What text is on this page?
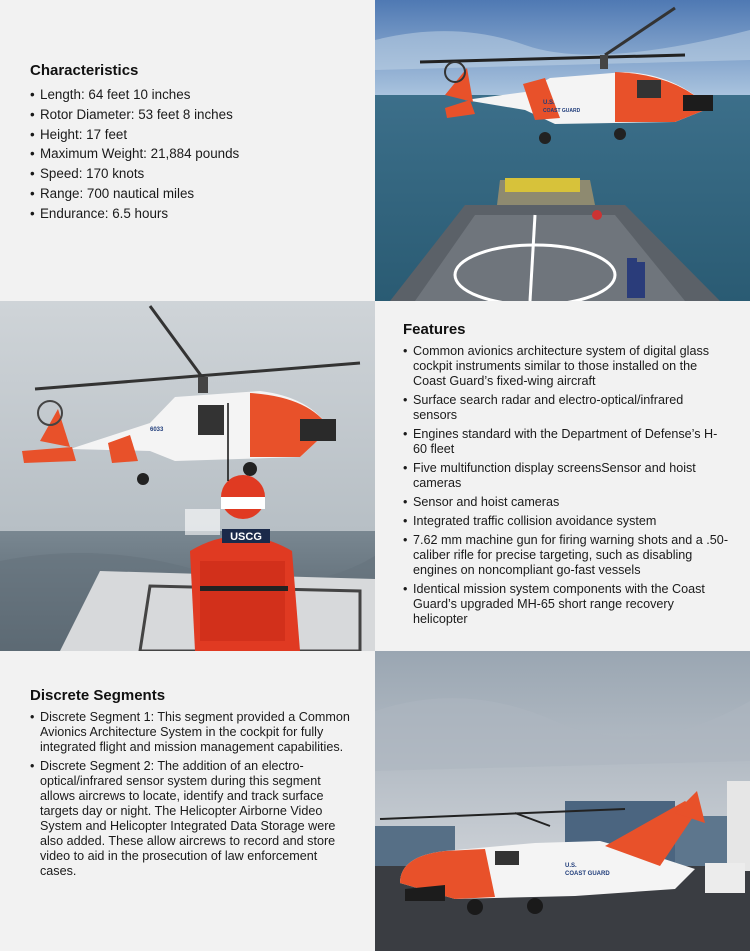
Characteristics
• Length: 64 feet 10 inches
• Rotor Diameter: 53 feet 8 inches
• Height: 17 feet
• Maximum Weight: 21,884 pounds
• Speed: 170 knots
• Range: 700 nautical miles
• Endurance: 6.5 hours
U.S.
COAST GUARD
6033
USCG
Features
• Common avionics architecture system of digital glass cockpit instruments similar to those installed on the Coast Guard’s fixed-wing aircraft
• Surface search radar and electro-optical/infrared sensors
• Engines standard with the Department of Defense’s H-60 fleet
• Five multifunction display screensSensor and hoist cameras
• Sensor and hoist cameras
• Integrated traffic collision avoidance system
• 7.62 mm machine gun for firing warning shots and a .50-caliber rifle for precise targeting, such as disabling engines on noncompliant go-fast vessels
• Identical mission system components with the Coast Guard’s upgraded MH-65 short range recovery helicopter
Discrete Segments
• Discrete Segment 1: This segment provided a Common Avionics Architecture System in the cockpit for fully integrated flight and mission management capabilities.
• Discrete Segment 2: The addition of an electro-optical/infrared sensor system during this segment allows aircrews to locate, identify and track surface targets day or night. The Helicopter Airborne Video System and Helicopter Integrated Data Storage were also added. These allow aircrews to record and store video to aid in the prosecution of law enforcement cases.	U.S.
COAST GUARD
